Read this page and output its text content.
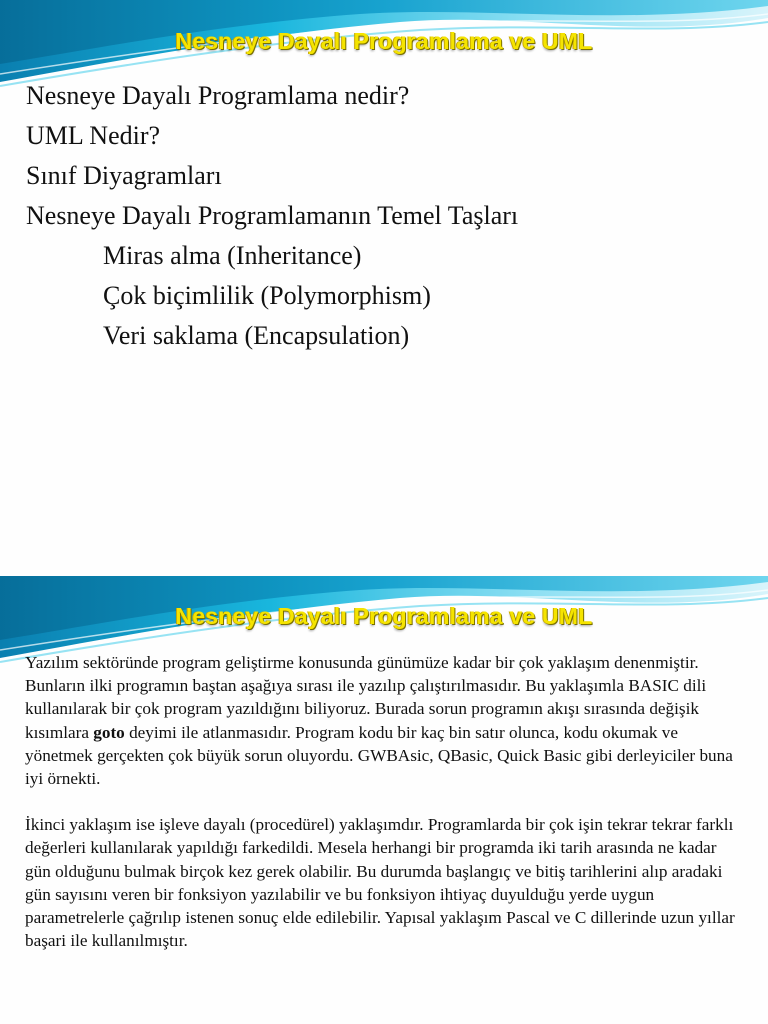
Nesneye Dayalı Programlama ve UML
Nesneye Dayalı Programlama nedir?
UML Nedir?
Sınıf Diyagramları
Nesneye Dayalı Programlamanın Temel Taşları
Miras alma (Inheritance)
Çok biçimlilik (Polymorphism)
Veri saklama (Encapsulation)
Nesneye Dayalı Programlama ve UML

Yazılım sektöründe program geliştirme konusunda günümüze kadar bir çok yaklaşım denenmiştir. Bunların ilki programın baştan aşağıya sırası ile yazılıp çalıştırılmasıdır. Bu yaklaşımla BASIC dili kullanılarak bir çok program yazıldığını biliyoruz. Burada sorun programın akışı sırasında değişik kısımlara goto deyimi ile atlanmasıdır. Program kodu bir kaç bin satır olunca, kodu okumak ve yönetmek gerçekten çok büyük sorun oluyordu. GWBAsic, QBasic, Quick Basic gibi derleyiciler buna iyi örnekti.

İkinci yaklaşım ise işleve dayalı (procedürel) yaklaşımdır. Programlarda bir çok işin tekrar tekrar farklı değerleri kullanılarak yapıldığı farkedildi. Mesela herhangi bir programda iki tarih arasında ne kadar gün olduğunu bulmak birçok kez gerek olabilir. Bu durumda başlangıç ve bitiş tarihlerini alıp aradaki gün sayısını veren bir fonksiyon yazılabilir ve bu fonksiyon ihtiyaç duyulduğu yerde uygun parametrelerle çağrılıp istenen sonuç elde edilebilir. Yapısal yaklaşım Pascal ve C dillerinde uzun yıllar başari ile kullanılmıştır.
